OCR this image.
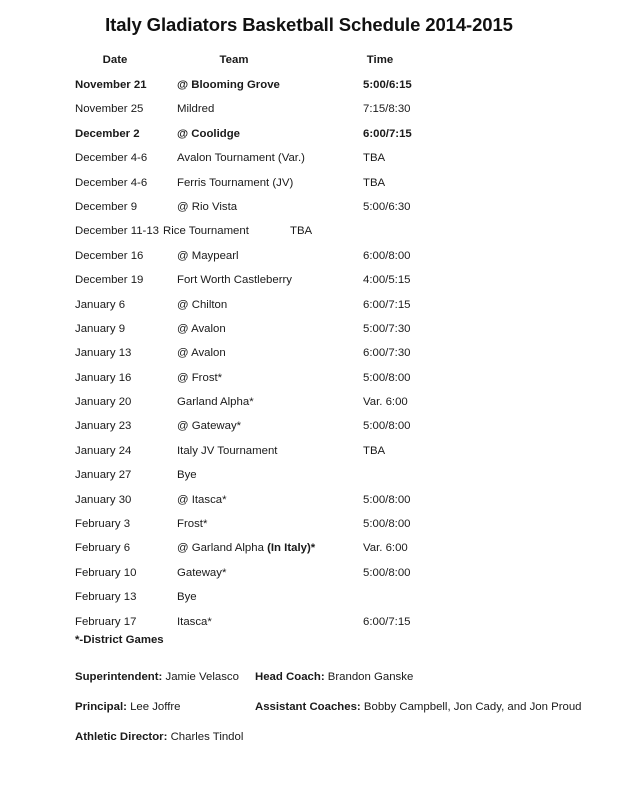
Italy Gladiators Basketball Schedule 2014-2015
Date	Team	Time
November 21	@ Blooming Grove	5:00/6:15
November 25	Mildred	7:15/8:30
December 2	@ Coolidge	6:00/7:15
December 4-6	Avalon Tournament (Var.)	TBA
December 4-6	Ferris Tournament (JV)	TBA
December 9	@ Rio Vista	5:00/6:30
December 11-13 Rice Tournament	TBA
December 16	@ Maypearl	6:00/8:00
December 19	Fort Worth Castleberry	4:00/5:15
January 6	@ Chilton	6:00/7:15
January 9	@ Avalon	5:00/7:30
January 13	@ Avalon	6:00/7:30
January 16	@ Frost*	5:00/8:00
January 20	Garland Alpha*	Var. 6:00
January 23	@ Gateway*	5:00/8:00
January 24	Italy JV Tournament	TBA
January 27	Bye
January 30	@ Itasca*	5:00/8:00
February 3	Frost*	5:00/8:00
February 6	@ Garland Alpha (In Italy)*	Var. 6:00
February 10	Gateway*	5:00/8:00
February 13	Bye
February 17	Itasca*	6:00/7:15
*-District Games
Superintendent: Jamie Velasco Head Coach: Brandon Ganske
Principal: Lee Joffre	Assistant Coaches: Bobby Campbell, Jon Cady, and Jon Proud
Athletic Director: Charles Tindol
